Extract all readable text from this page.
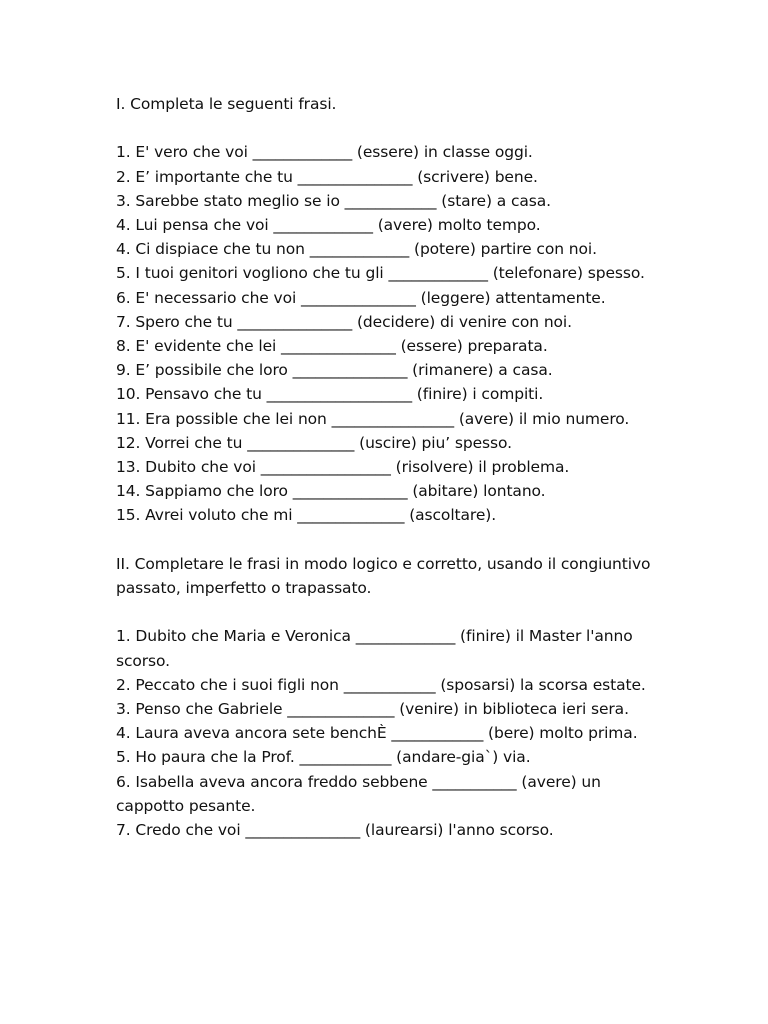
I. Completa le seguenti frasi.

1. E' vero che voi _____________ (essere) in classe oggi.

2. E’ importante che tu _______________ (scrivere) bene.

3. Sarebbe stato meglio se io ____________ (stare) a casa.

4. Lui pensa che voi _____________ (avere) molto tempo.

4. Ci dispiace che tu non _____________ (potere) partire con noi.

5. I tuoi genitori vogliono che tu gli _____________ (telefonare) spesso.

6. E' necessario che voi _______________ (leggere) attentamente.

7. Spero che tu _______________ (decidere) di venire con noi.

8. E' evidente che lei _______________ (essere) preparata.

9. E’ possibile che loro _______________ (rimanere) a casa.

10. Pensavo che tu ___________________ (finire) i compiti.

11. Era possible che lei non ________________ (avere) il mio numero.

12. Vorrei che tu ______________ (uscire) piu’ spesso.

13. Dubito che voi _________________ (risolvere) il problema.

14. Sappiamo che loro _______________ (abitare) lontano.

15. Avrei voluto che mi ______________ (ascoltare).

II. Completare le frasi in modo logico e corretto, usando il congiuntivo passato, imperfetto o trapassato.

1. Dubito che Maria e Veronica _____________ (finire) il Master l'anno scorso.

2. Peccato che i suoi figli non ____________ (sposarsi) la scorsa estate.

3. Penso che Gabriele ______________ (venire) in biblioteca ieri sera.

4. Laura aveva ancora sete benchÈ ____________ (bere) molto prima.

5. Ho paura che la Prof. ____________ (andare-gia`) via.

6. Isabella aveva ancora freddo sebbene ___________ (avere) un cappotto pesante.

7. Credo che voi _______________ (laurearsi) l'anno scorso.
